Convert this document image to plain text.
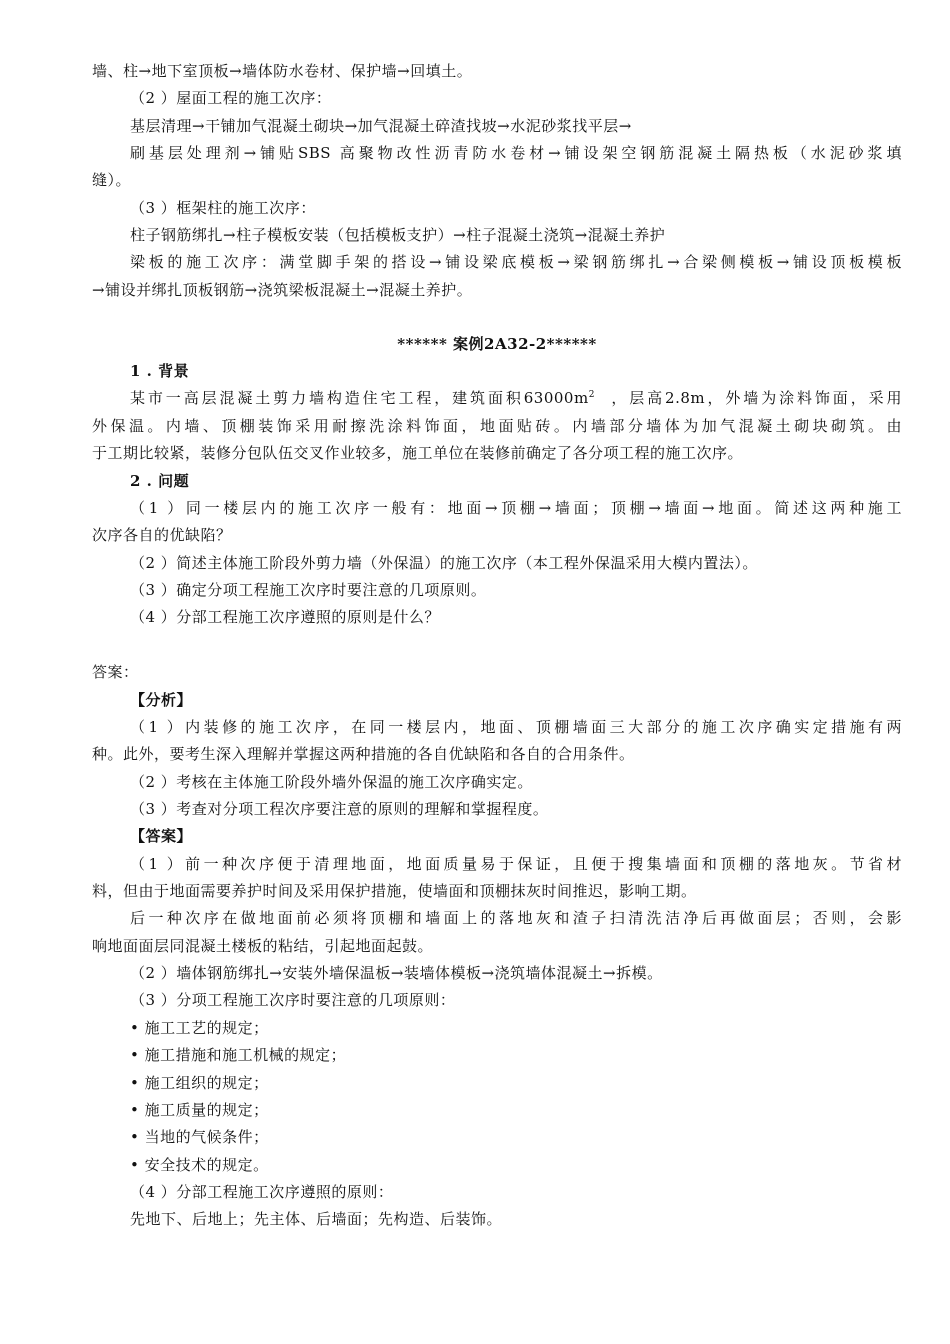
墙、柱→地下室顶板→墙体防水卷材、保护墙→回填土。
（2 ）屋面工程的施工次序：
基层清理→干铺加气混凝土砌块→加气混凝土碎渣找坡→水泥砂浆找平层→
刷基层处理剂→铺贴SBS 高聚物改性沥青防水卷材→铺设架空钢筋混凝土隔热板（水泥砂浆填
缝）。
（3 ）框架柱的施工次序：
柱子钢筋绑扎→柱子模板安装（包括模板支护）→柱子混凝土浇筑→混凝土养护
梁板的施工次序：满堂脚手架的搭设→铺设梁底模板→梁钢筋绑扎→合梁侧模板→铺设顶板模板
→铺设并绑扎顶板钢筋→浇筑梁板混凝土→混凝土养护。
****** 案例2A32-2******
1 . 背景
某市一高层混凝土剪力墙构造住宅工程，建筑面积$63000m^2$ ，层高2.8m，外墙为涂料饰面，采用
外保温。内墙、顶棚装饰采用耐擦洗涂料饰面，地面贴砖。内墙部分墙体为加气混凝土砌块砌筑。由
于工期比较紧，装修分包队伍交叉作业较多，施工单位在装修前确定了各分项工程的施工次序。
2 . 问题
（1 ）同一楼层内的施工次序一般有：地面→顶棚→墙面；顶棚→墙面→地面。简述这两种施工
次序各自的优缺陷？
（2 ）简述主体施工阶段外剪力墙（外保温）的施工次序（本工程外保温采用大模内置法）。
（3 ）确定分项工程施工次序时要注意的几项原则。
（4 ）分部工程施工次序遵照的原则是什么？
答案：
【分析】
（1 ）内装修的施工次序，在同一楼层内，地面、顶棚墙面三大部分的施工次序确实定措施有两
种。此外，要考生深入理解并掌握这两种措施的各自优缺陷和各自的合用条件。
（2 ）考核在主体施工阶段外墙外保温的施工次序确实定。
（3 ）考查对分项工程次序要注意的原则的理解和掌握程度。
【答案】
（1 ）前一种次序便于清理地面，地面质量易于保证，且便于搜集墙面和顶棚的落地灰。节省材
料，但由于地面需要养护时间及采用保护措施，使墙面和顶棚抹灰时间推迟，影响工期。
后一种次序在做地面前必须将顶棚和墙面上的落地灰和渣子扫清洗洁净后再做面层；否则，会影
响地面面层同混凝土楼板的粘结，引起地面起鼓。
（2 ）墙体钢筋绑扎→安装外墙保温板→装墙体模板→浇筑墙体混凝土→拆模。
（3 ）分项工程施工次序时要注意的几项原则：
• 施工工艺的规定；
• 施工措施和施工机械的规定；
• 施工组织的规定；
• 施工质量的规定；
• 当地的气候条件；
• 安全技术的规定。
（4 ）分部工程施工次序遵照的原则：
先地下、后地上；先主体、后墙面；先构造、后装饰。
